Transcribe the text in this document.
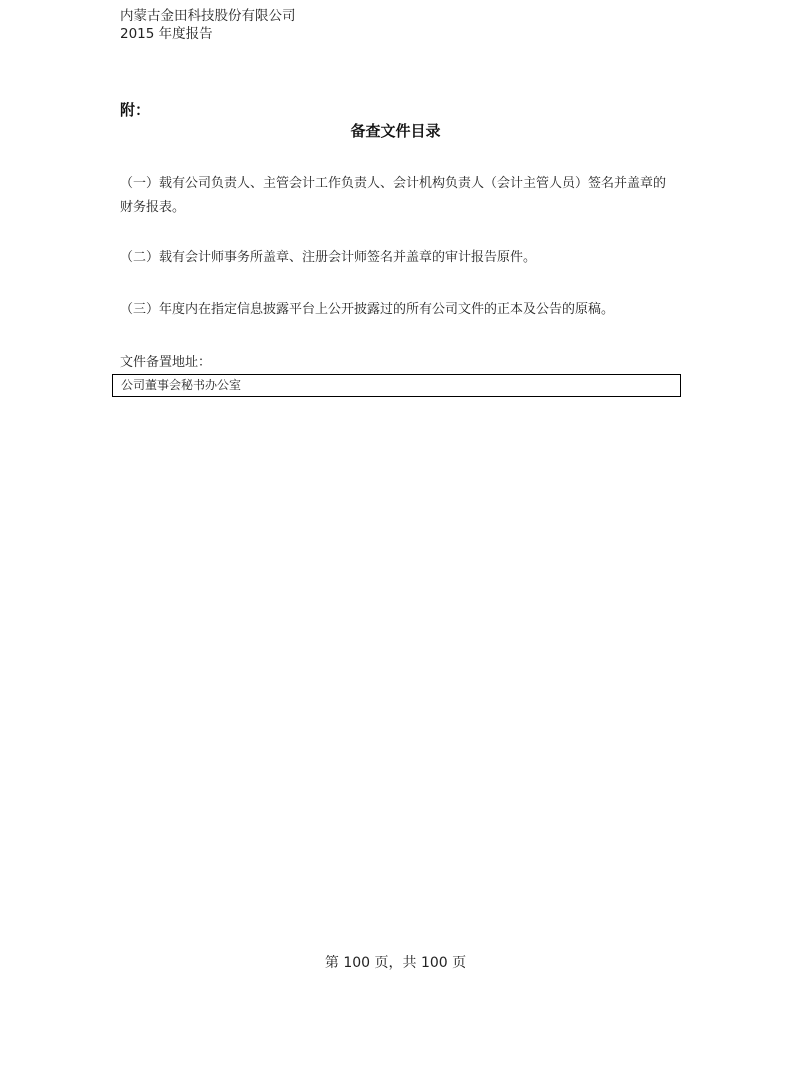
内蒙古金田科技股份有限公司
2015 年度报告
附：
备查文件目录
（一）载有公司负责人、主管会计工作负责人、会计机构负责人（会计主管人员）签名并盖章的财务报表。
（二）载有会计师事务所盖章、注册会计师签名并盖章的审计报告原件。
（三）年度内在指定信息披露平台上公开披露过的所有公司文件的正本及公告的原稿。
文件备置地址：
公司董事会秘书办公室
第 100 页，共 100 页
